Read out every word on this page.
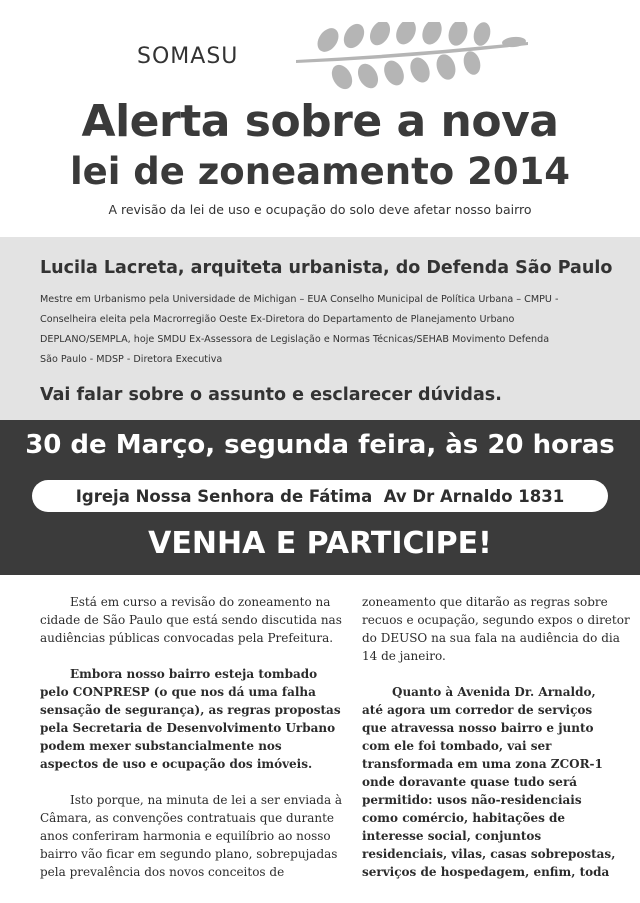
SOMASU
Alerta sobre a nova
lei de zoneamento 2014
A revisão da lei de uso e ocupação do solo deve afetar nosso bairro
Lucila Lacreta, arquiteta urbanista, do Defenda São Paulo
Mestre em Urbanismo pela Universidade de Michigan – EUA Conselho Municipal de Política Urbana – CMPU -
Conselheira eleita pela Macrorregião Oeste Ex-Diretora do Departamento de Planejamento Urbano
DEPLANO/SEMPLA, hoje SMDU Ex-Assessora de Legislação e Normas Técnicas/SEHAB Movimento Defenda
São Paulo - MDSP - Diretora Executiva
Vai falar sobre o assunto e esclarecer dúvidas.
30 de Março, segunda feira, às 20 horas
Igreja Nossa Senhora de Fátima  Av Dr Arnaldo 1831
VENHA E PARTICIPE!
Está em curso a revisão do zoneamento na
cidade de São Paulo que está sendo discutida nas
audiências públicas convocadas pela Prefeitura.
Embora nosso bairro esteja tombado
pelo CONPRESP (o que nos dá uma falha
sensação de segurança), as regras propostas
pela Secretaria de Desenvolvimento Urbano
podem mexer substancialmente nos
aspectos de uso e ocupação dos imóveis.
Isto porque, na minuta de lei a ser enviada à
Câmara, as convenções contratuais que durante
anos conferiram harmonia e equilíbrio ao nosso
bairro vão ficar em segundo plano, sobrepujadas
pela prevalência dos novos conceitos de
zoneamento que ditarão as regras sobre
recuos e ocupação, segundo expos o diretor
do DEUSO na sua fala na audiência do dia
14 de janeiro.
Quanto à Avenida Dr. Arnaldo,
até agora um corredor de serviços
que atravessa nosso bairro e junto
com ele foi tombado, vai ser
transformada em uma zona ZCOR-1
onde doravante quase tudo será
permitido: usos não-residenciais
como comércio, habitações de
interesse social, conjuntos
residenciais, vilas, casas sobrepostas,
serviços de hospedagem, enfim, toda
